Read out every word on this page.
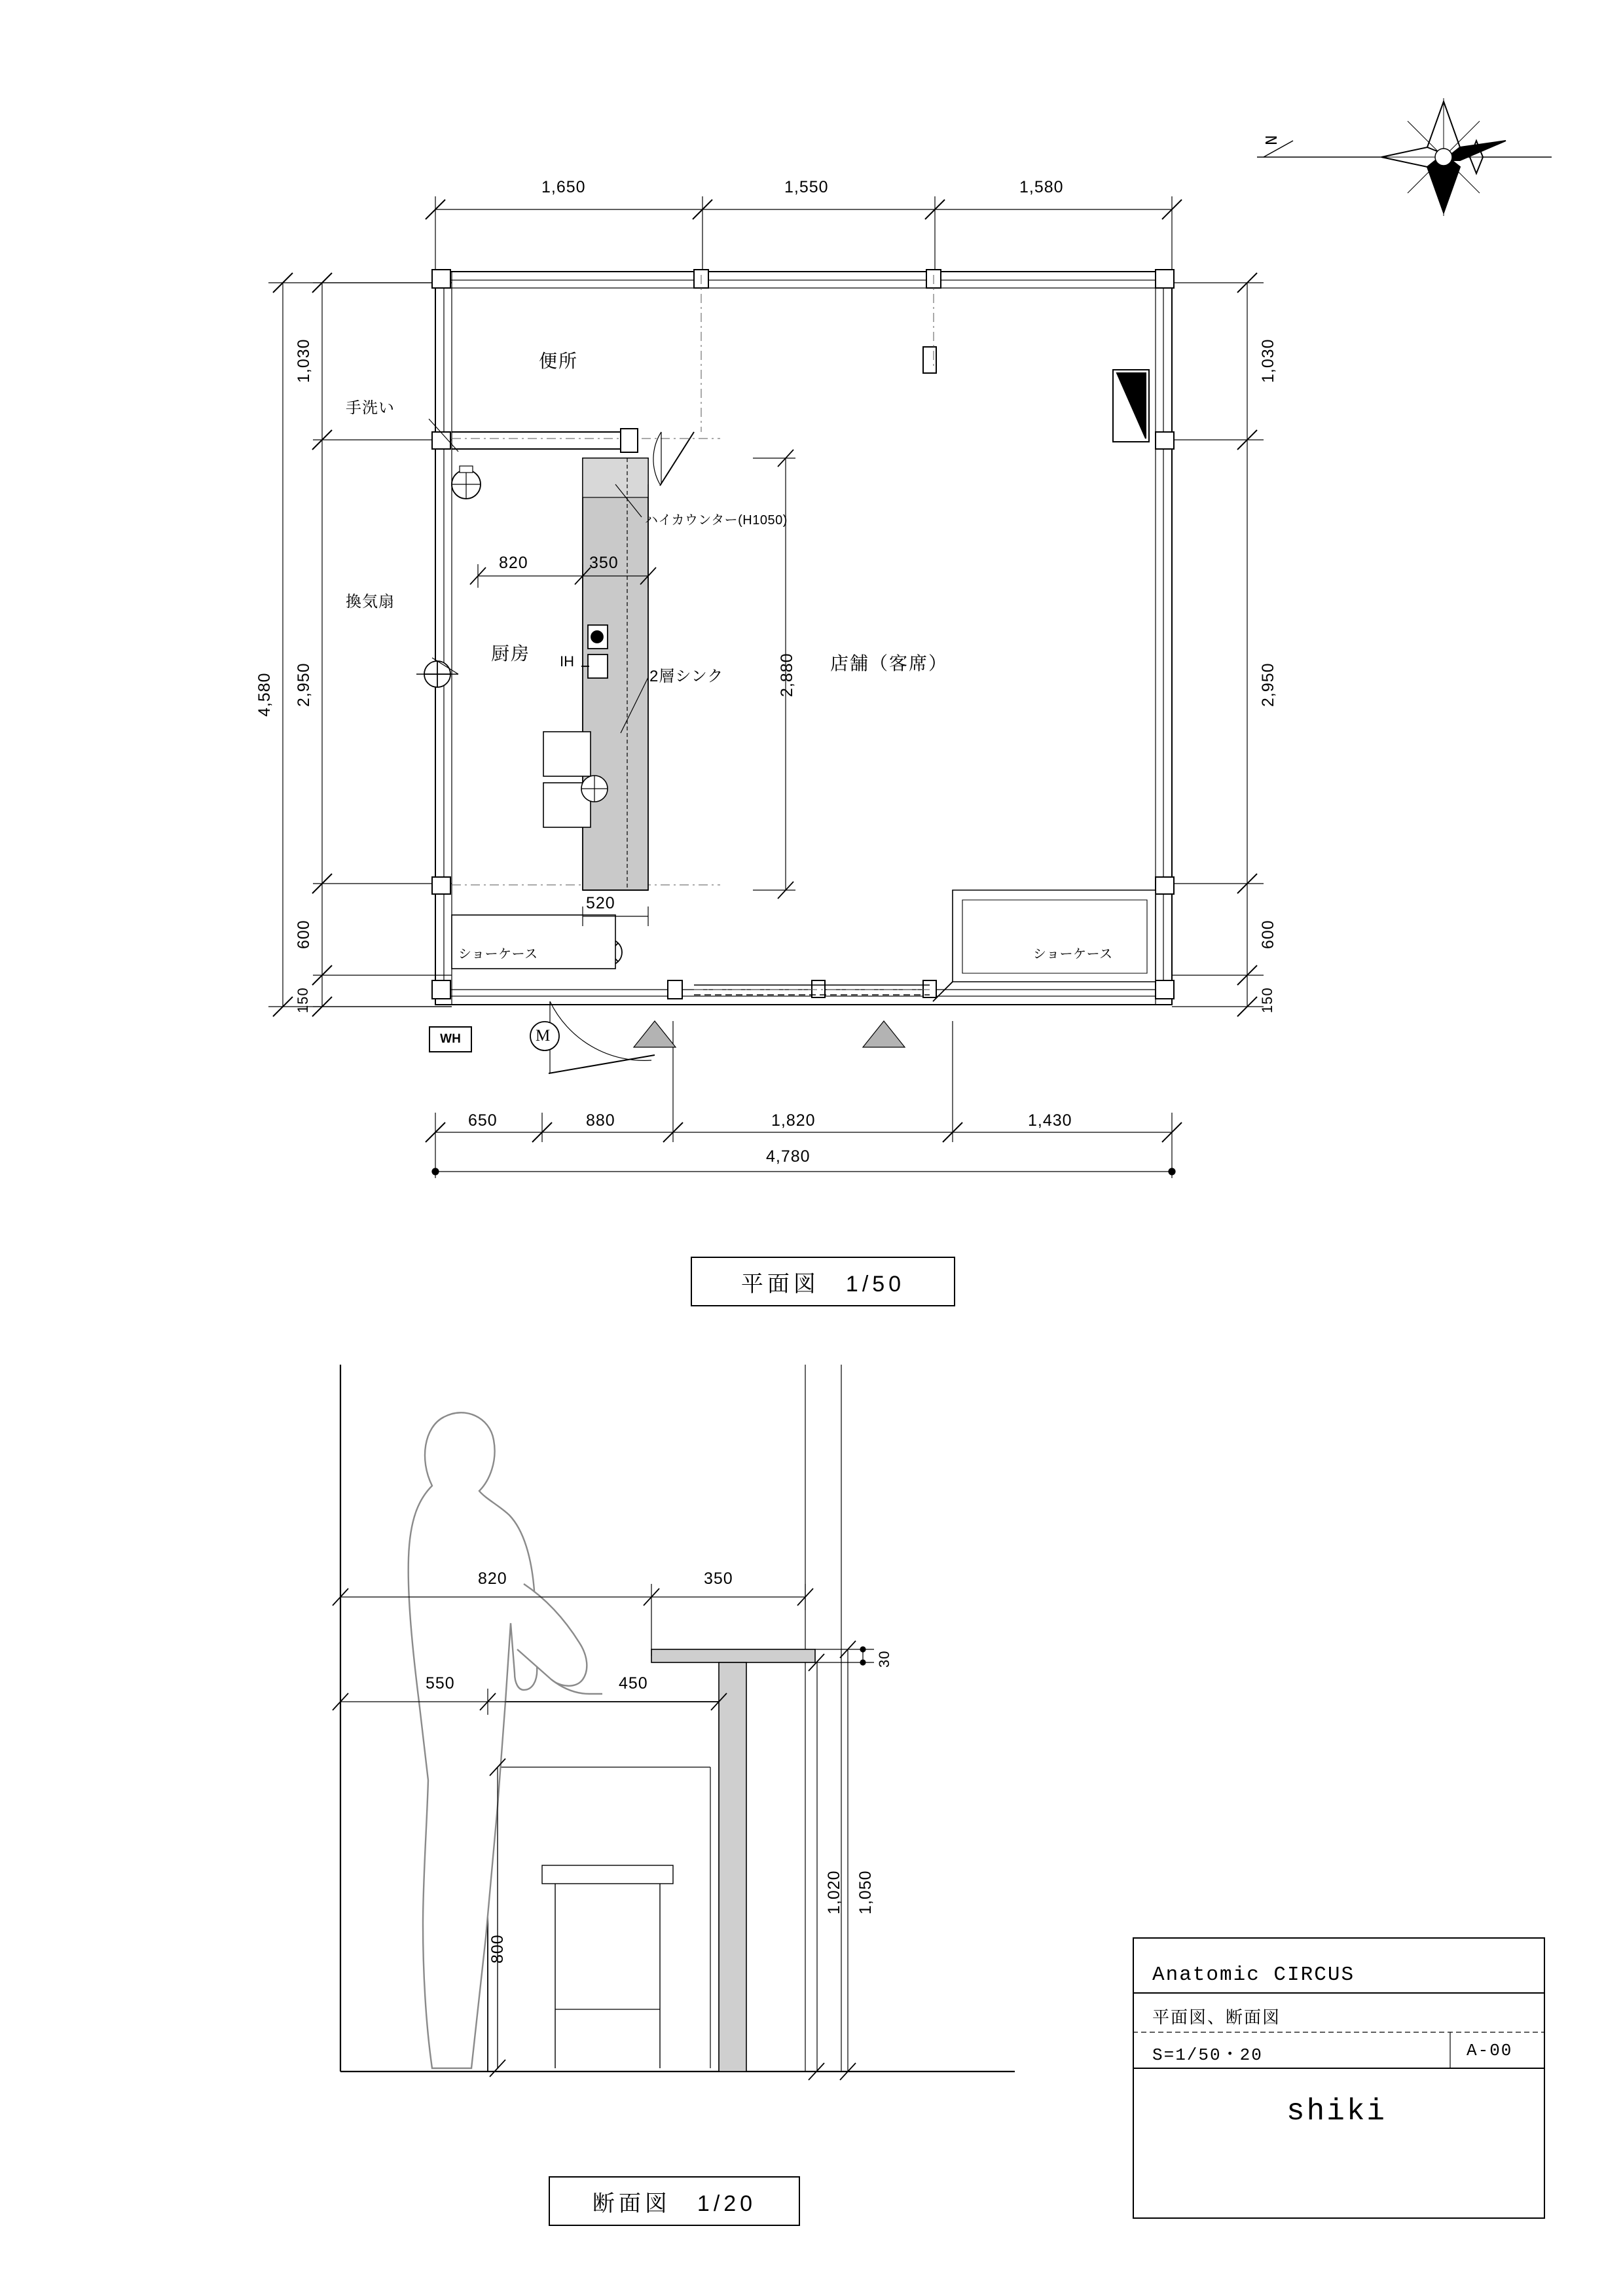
N
1,650	1,550	1,580
1,030
2,950
600
150
4,580
1,030
2,950
600
150
650	880	1,820	1,430
4,780
820	350
2,880
520
便所
厨房	店舗（客席）
手洗い
換気扇
ハイカウンター(H1050)
2層シンク
ショーケース	ショーケース
IH
M
WH
平面図　1/50
820	350
550	450
30
1,020 1,050
800
断面図　1/20
Anatomic CIRCUS
平面図、断面図
S=1/50・20	A-00
shiki
